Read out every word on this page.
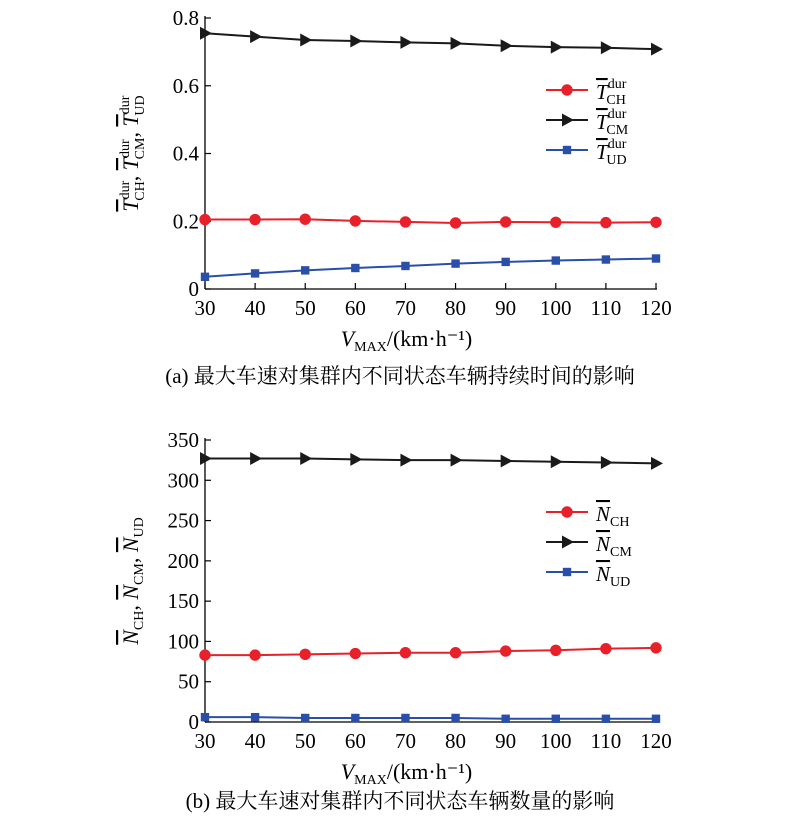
0
0.2
0.4
0.6
0.8
30 40 50 60 70 80 90 100 110 120
$V_{MAX}/(km\cdot h^{-1})$
$T^{dur}CH$, $T^{dur}CM$, $T^{dur}UD$
$T^{dur}$ CH
$T^{dur}$ CM
$T^{dur}$ UD
(a) 最大车速对集群内不同状态车辆持续时间的影响
0
50
100
150
200
250
300
350
30 40 50 60 70 80 90 100 110 120
$V_{MAX}/(km\cdot h^{-1})$
$N_{CH}$, $N_{CM}$, $N_{UD}$
$N_{CH}$
$N_{CM}$
$N_{UD}$
(b) 最大车速对集群内不同状态车辆数量的影响
